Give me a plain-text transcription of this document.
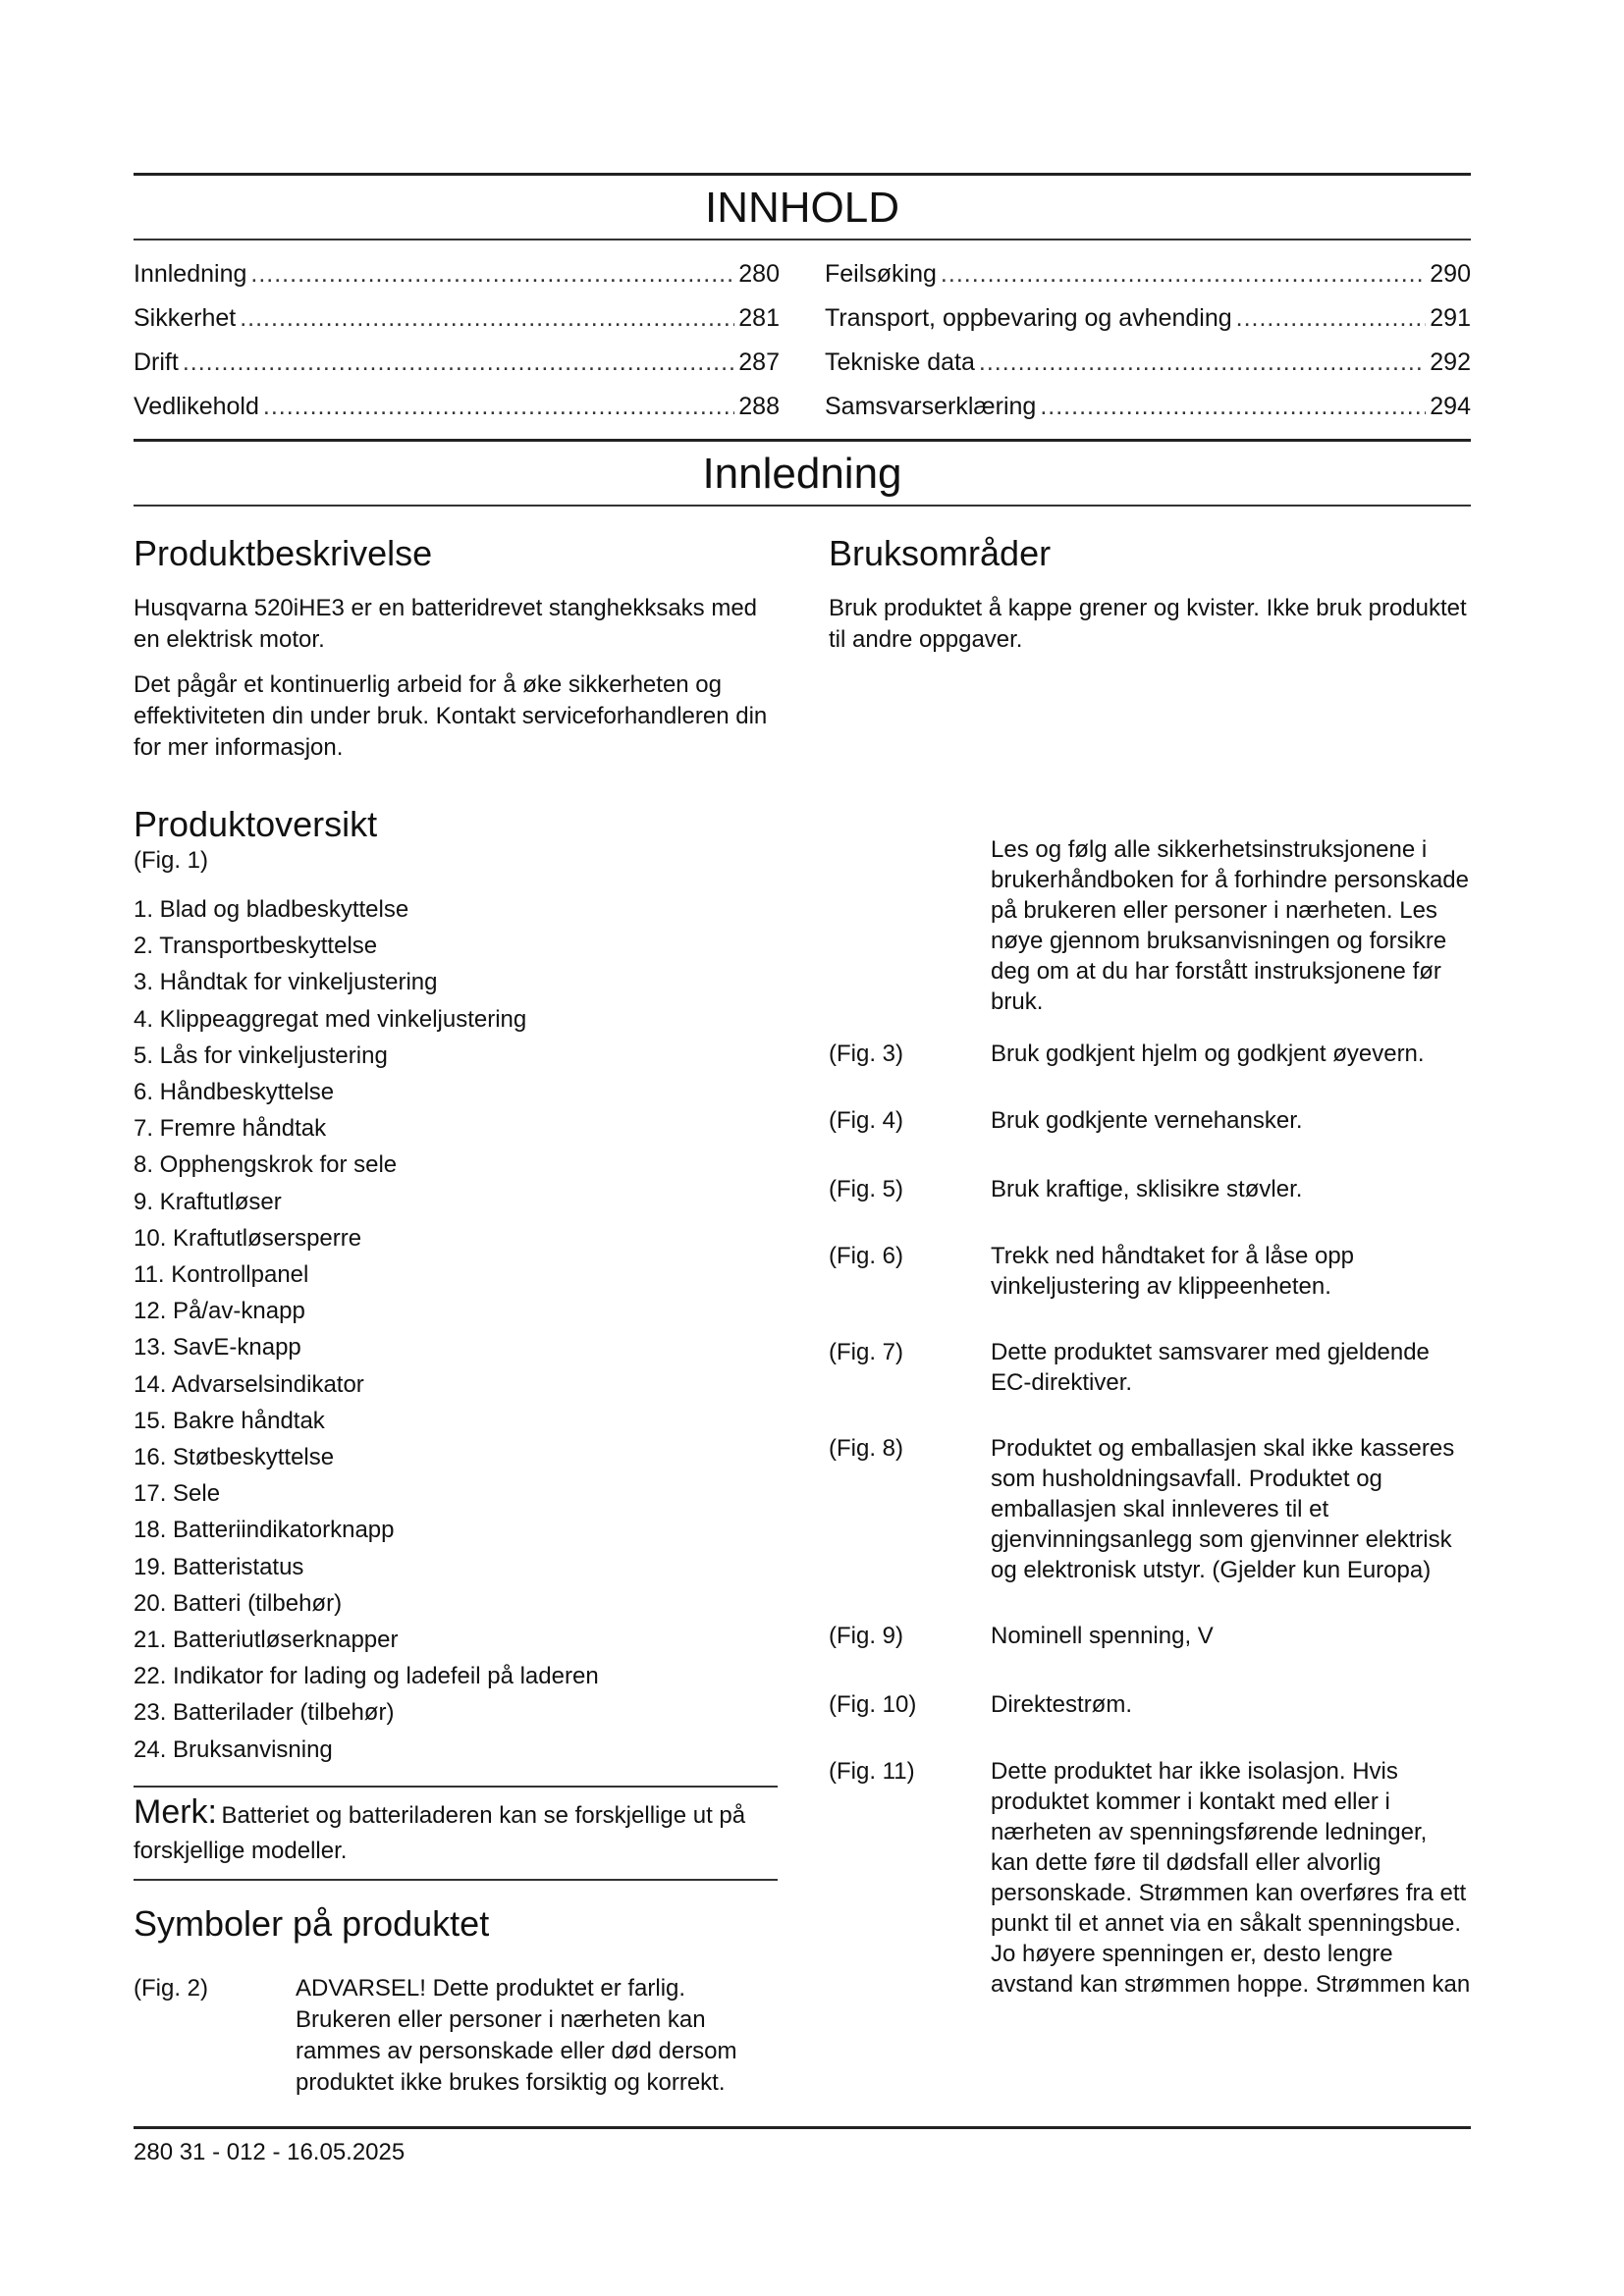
INNHOLD
Innledning .....	280
Sikkerhet .....	281
Drift .....	287
Vedlikehold .....	288
Feilsøking .....	290
Transport, oppbevaring og avhending .....	291
Tekniske data .....	292
Samsvarserklæring .....	294
Innledning
Produktbeskrivelse

Husqvarna 520iHE3 er en batteridrevet stanghekksaks med en elektrisk motor.

Det pågår et kontinuerlig arbeid for å øke sikkerheten og effektiviteten din under bruk. Kontakt serviceforhandleren din for mer informasjon.

Produktoversikt

(Fig. 1)

1. Blad og bladbeskyttelse
2. Transportbeskyttelse
3. Håndtak for vinkeljustering
4. Klippeaggregat med vinkeljustering
5. Lås for vinkeljustering
6. Håndbeskyttelse
7. Fremre håndtak
8. Opphengskrok for sele
9. Kraftutløser
10. Kraftutløsersperre
11. Kontrollpanel
12. På/av-knapp
13. SavE-knapp
14. Advarselsindikator
15. Bakre håndtak
16. Støtbeskyttelse
17. Sele
18. Batteriindikatorknapp
19. Batteristatus
20. Batteri (tilbehør)
21. Batteriutløserknapper
22. Indikator for lading og ladefeil på laderen
23. Batterilader (tilbehør)
24. Bruksanvisning
Merk: Batteriet og batteriladeren kan se forskjellige ut på forskjellige modeller.
Symboler på produktet
(Fig. 2)	ADVARSEL! Dette produktet er farlig. Brukeren eller personer i nærheten kan rammes av personskade eller død dersom produktet ikke brukes forsiktig og korrekt.
Bruksområder

Bruk produktet å kappe grener og kvister. Ikke bruk produktet til andre oppgaver.

Les og følg alle sikkerhetsinstruksjonene i brukerhåndboken for å forhindre personskade på brukeren eller personer i nærheten. Les nøye gjennom bruksanvisningen og forsikre deg om at du har forstått instruksjonene før bruk.
(Fig. 3)	Bruk godkjent hjelm og godkjent øyevern.
(Fig. 4)	Bruk godkjente vernehansker.
(Fig. 5)	Bruk kraftige, sklisikre støvler.
(Fig. 6)	Trekk ned håndtaket for å låse opp vinkeljustering av klippeenheten.
(Fig. 7)	Dette produktet samsvarer med gjeldende EC-direktiver.
(Fig. 8)	Produktet og emballasjen skal ikke kasseres som husholdningsavfall. Produktet og emballasjen skal innleveres til et gjenvinningsanlegg som gjenvinner elektrisk og elektronisk utstyr. (Gjelder kun Europa)
(Fig. 9)	Nominell spenning, V
(Fig. 10)	Direktestrøm.
(Fig. 11)	Dette produktet har ikke isolasjon. Hvis produktet kommer i kontakt med eller i nærheten av spenningsførende ledninger, kan dette føre til dødsfall eller alvorlig personskade. Strømmen kan overføres fra ett punkt til et annet via en såkalt spenningsbue. Jo høyere spenningen er, desto lengre avstand kan strømmen hoppe. Strømmen kan
280 31 - 012 - 16.05.2025
